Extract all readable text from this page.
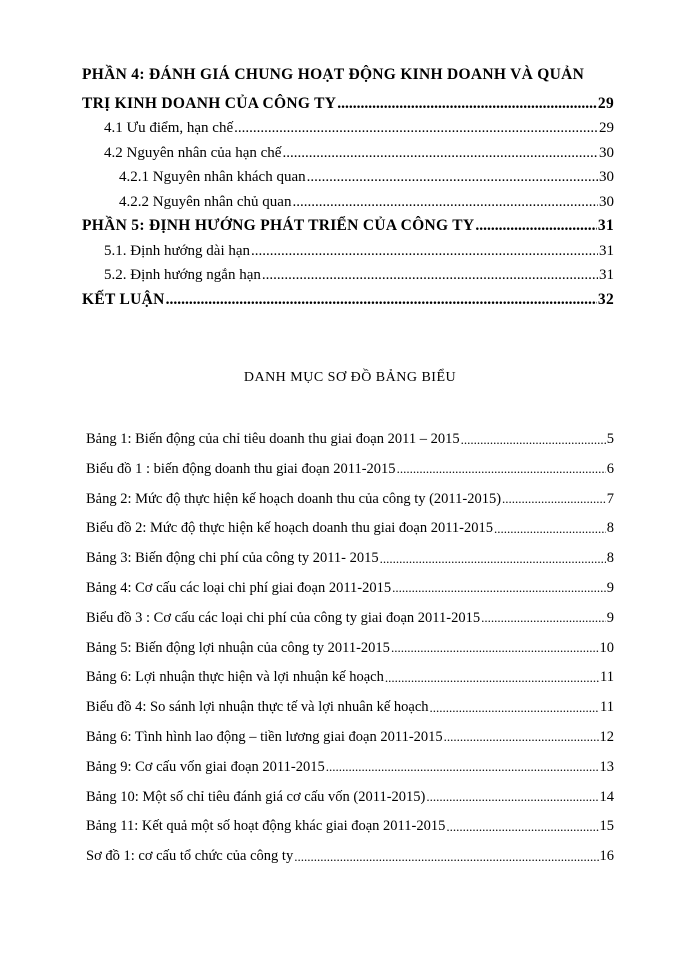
PHẦN 4: ĐÁNH GIÁ CHUNG HOẠT ĐỘNG KINH DOANH VÀ QUẢN
TRỊ KINH DOANH CỦA CÔNG TY .....	29
4.1 Ưu điểm, hạn chế .....	29
4.2 Nguyên nhân của hạn chế .....	30
4.2.1 Nguyên nhân khách quan .....	30
4.2.2 Nguyên nhân chủ quan .....	30
PHẦN 5: ĐỊNH HƯỚNG PHÁT TRIỂN CỦA CÔNG TY .....	31
5.1. Định hướng dài hạn .....	31
5.2. Định hướng ngắn hạn .....	31
KẾT LUẬN .....	32
DANH MỤC SƠ ĐỒ BẢNG BIỂU
Bảng 1: Biến động của chỉ tiêu doanh thu giai đoạn 2011 – 2015 .....	5
Biểu đồ 1 : biến động doanh thu giai đoạn 2011-2015 .....	6
Bảng 2: Mức độ thực hiện kế hoạch doanh thu của công ty (2011-2015) .....	7
Biểu đồ 2: Mức độ thực hiện kế hoạch doanh thu giai đoạn 2011-2015 .....	8
Bảng 3: Biến động chi phí của công ty 2011- 2015 .....	8
Bảng 4: Cơ cấu các loại chi phí giai đoạn 2011-2015 .....	9
Biểu đồ 3 : Cơ cấu các loại chi phí của công ty giai đoạn 2011-2015 .....	9
Bảng 5: Biến động lợi nhuận của công ty 2011-2015 .....	10
Bảng 6: Lợi nhuận thực hiện và lợi nhuận kế hoạch .....	11
Biểu đồ 4: So sánh lợi nhuận thực tế và lợi nhuân kế hoạch .....	11
Bảng 6: Tình hình lao động – tiền lương giai đoạn 2011-2015 .....	12
Bảng 9: Cơ cấu vốn giai đoạn 2011-2015 .....	13
Bảng 10: Một số chỉ tiêu đánh giá cơ cấu vốn (2011-2015) .....	14
Bảng 11: Kết quả một số hoạt động khác giai đoạn 2011-2015 .....	15
Sơ đồ 1: cơ cấu tổ chức của công ty .....	16
